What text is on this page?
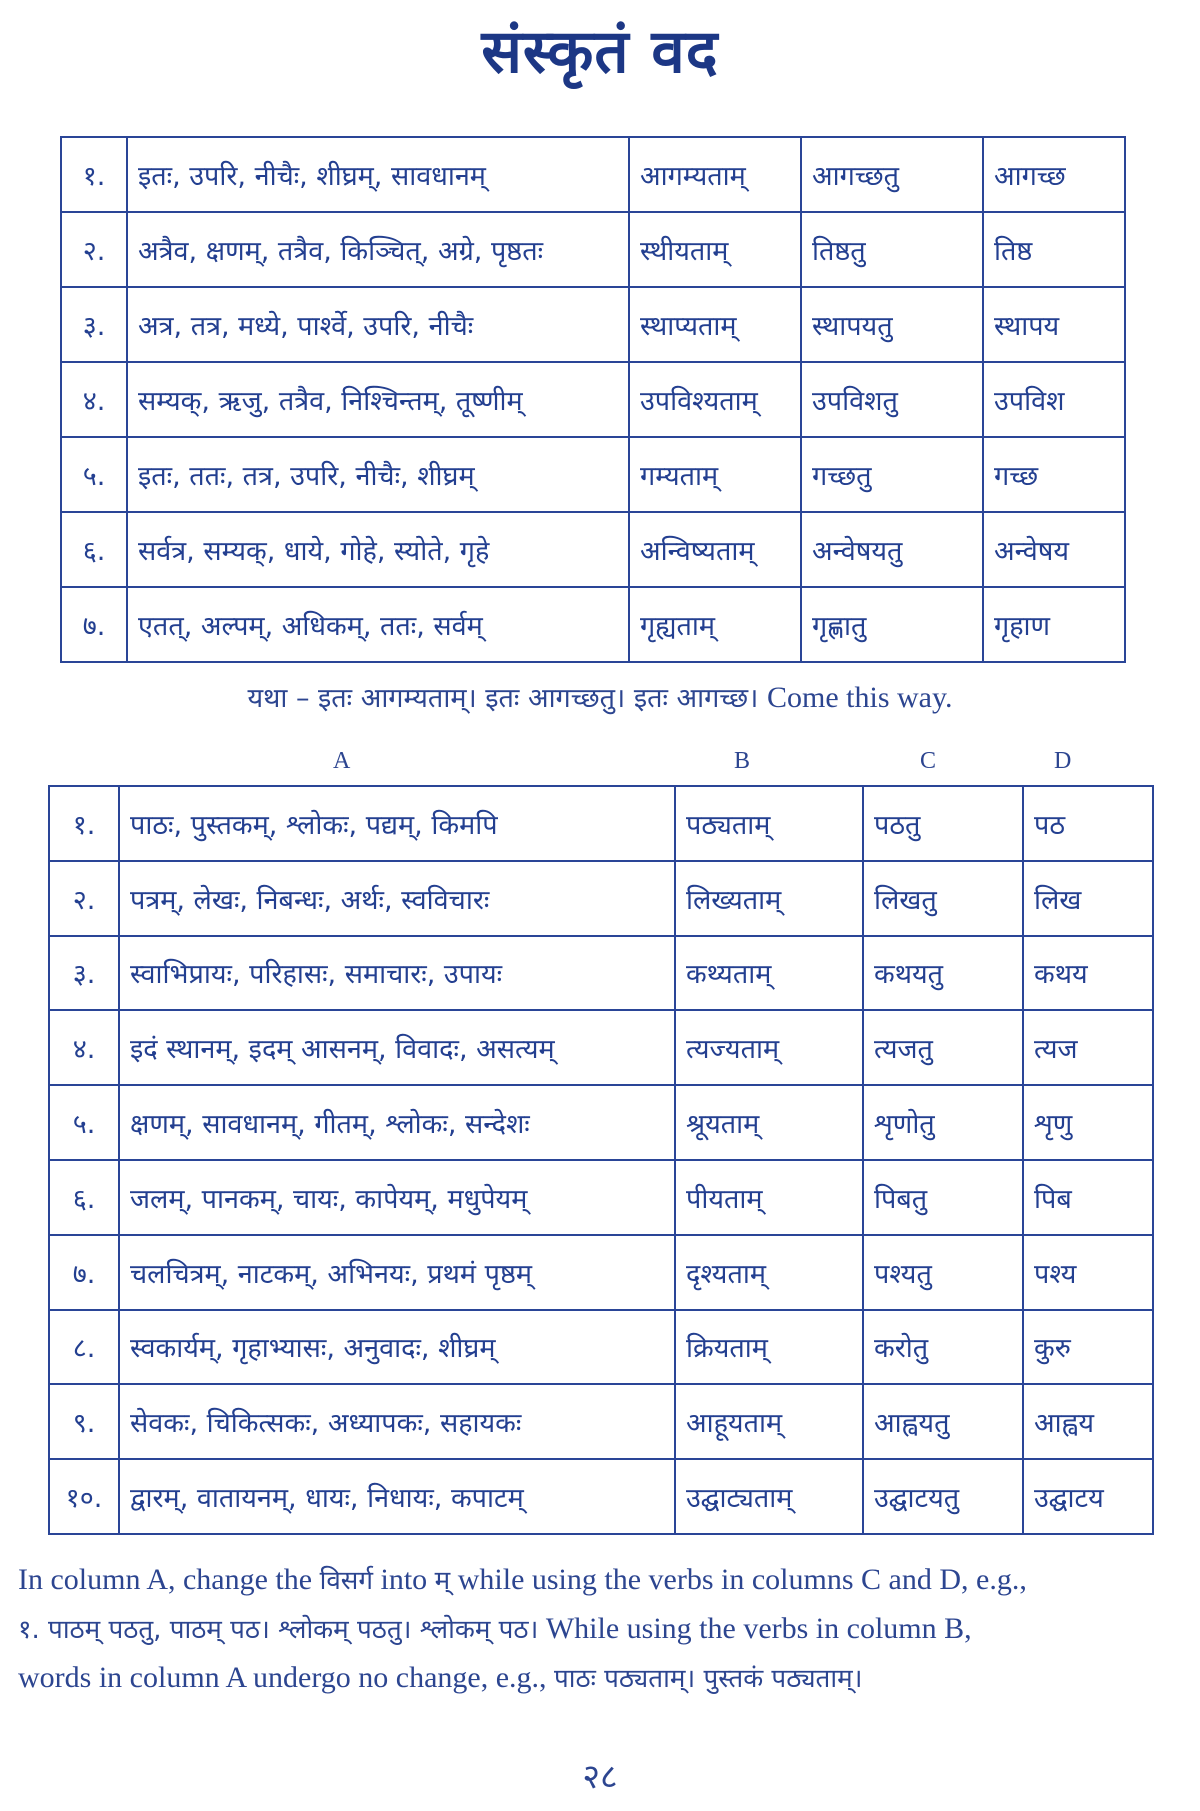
संस्कृतं वद
१.	इतः, उपरि, नीचैः, शीघ्रम्, सावधानम्	आगम्यताम्	आगच्छतु	आगच्छ
२.	अत्रैव, क्षणम्, तत्रैव, किञ्चित्, अग्रे, पृष्ठतः	स्थीयताम्	तिष्ठतु	तिष्ठ
३.	अत्र, तत्र, मध्ये, पार्श्वे, उपरि, नीचैः	स्थाप्यताम्	स्थापयतु	स्थापय
४.	सम्यक्, ऋजु, तत्रैव, निश्चिन्तम्, तूष्णीम्	उपविश्यताम्	उपविशतु	उपविश
५.	इतः, ततः, तत्र, उपरि, नीचैः, शीघ्रम्	गम्यताम्	गच्छतु	गच्छ
६.	सर्वत्र, सम्यक्, धाये, गोहे, स्योते, गृहे	अन्विष्यताम्	अन्वेषयतु	अन्वेषय
७.	एतत्, अल्पम्, अधिकम्, ततः, सर्वम्	गृह्यताम्	गृह्णातु	गृहाण
यथा – इतः आगम्यताम्। इतः आगच्छतु। इतः आगच्छ। Come this way.
A	B	C	D
१.	पाठः, पुस्तकम्, श्लोकः, पद्यम्, किमपि	पठ्यताम्	पठतु	पठ
२.	पत्रम्, लेखः, निबन्धः, अर्थः, स्वविचारः	लिख्यताम्	लिखतु	लिख
३.	स्वाभिप्रायः, परिहासः, समाचारः, उपायः	कथ्यताम्	कथयतु	कथय
४.	इदं स्थानम्, इदम् आसनम्, विवादः, असत्यम्	त्यज्यताम्	त्यजतु	त्यज
५.	क्षणम्, सावधानम्, गीतम्, श्लोकः, सन्देशः	श्रूयताम्	शृणोतु	शृणु
६.	जलम्, पानकम्, चायः, कापेयम्, मधुपेयम्	पीयताम्	पिबतु	पिब
७.	चलचित्रम्, नाटकम्, अभिनयः, प्रथमं पृष्ठम्	दृश्यताम्	पश्यतु	पश्य
८.	स्वकार्यम्, गृहाभ्यासः, अनुवादः, शीघ्रम्	क्रियताम्	करोतु	कुरु
९.	सेवकः, चिकित्सकः, अध्यापकः, सहायकः	आहूयताम्	आह्वयतु	आह्वय
१०.	द्वारम्, वातायनम्, धायः, निधायः, कपाटम्	उद्घाट्यताम्	उद्घाटयतु	उद्घाटय
In column A, change the विसर्ग into म् while using the verbs in columns C and D, e.g.,
१. पाठम् पठतु, पाठम् पठ। श्लोकम् पठतु। श्लोकम् पठ। While using the verbs in column B,
words in column A undergo no change, e.g., पाठः पठ्यताम्। पुस्तकं पठ्यताम्।
२८
